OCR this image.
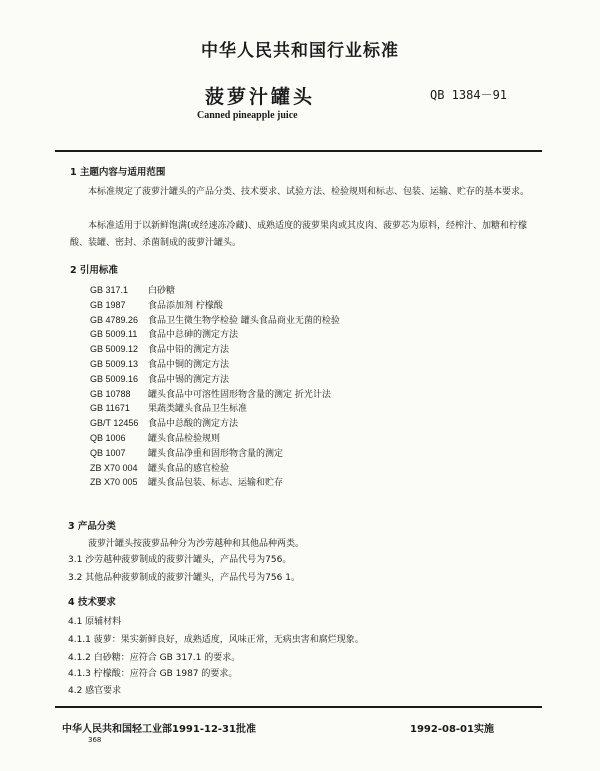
中华人民共和国行业标准
菠萝汁罐头	QB 1384－91
Canned pineapple juice
1 主题内容与适用范围
本标准规定了菠萝汁罐头的产品分类、技术要求、试验方法、检验规则和标志、包装、运输、贮存的基本要求。
本标准适用于以新鲜饱满(或经速冻冷藏)、成熟适度的菠萝果肉或其皮肉、菠萝芯为原料，经榨汁、加糖和柠檬酸、装罐、密封、杀菌制成的菠萝汁罐头。
2 引用标准
GB 317.1 白砂糖
GB 1987 食品添加剂 柠檬酸
GB 4789.26 食品卫生微生物学检验 罐头食品商业无菌的检验
GB 5009.11 食品中总砷的测定方法
GB 5009.12 食品中铅的测定方法
GB 5009.13 食品中铜的测定方法
GB 5009.16 食品中锡的测定方法
GB 10788 罐头食品中可溶性固形物含量的测定 折光计法
GB 11671 果蔬类罐头食品卫生标准
GB/T 12456 食品中总酸的测定方法
QB 1006 罐头食品检验规则
QB 1007 罐头食品净重和固形物含量的测定
ZB X70 004 罐头食品的感官检验
ZB X70 005 罐头食品包装、标志、运输和贮存
3 产品分类
菠萝汁罐头按菠萝品种分为沙劳越种和其他品种两类。
3.1 沙劳越种菠萝制成的菠萝汁罐头，产品代号为756。
3.2 其他品种菠萝制成的菠萝汁罐头，产品代号为756 1。
4 技术要求
4.1 原辅材料
4.1.1 菠萝：果实新鲜良好，成熟适度，风味正常，无病虫害和腐烂现象。
4.1.2 白砂糖：应符合 GB 317.1 的要求。
4.1.3 柠檬酸：应符合 GB 1987 的要求。
4.2 感官要求
中华人民共和国轻工业部1991-12-31批准	1992-08-01实施
368
